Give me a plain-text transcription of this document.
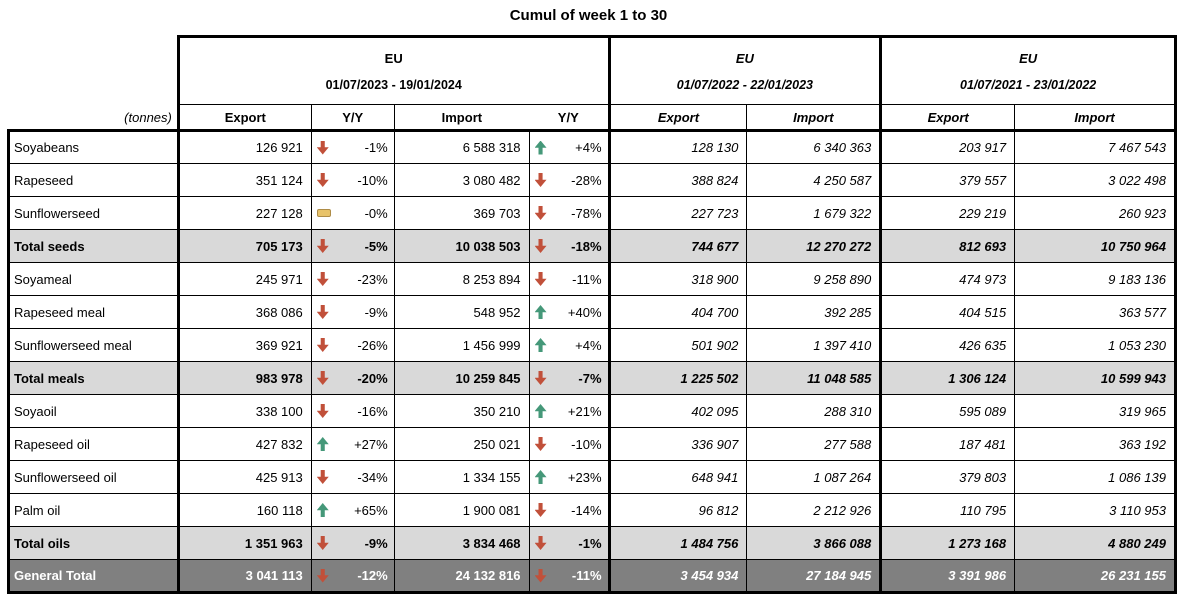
Cumul of week 1 to 30

EU
01/07/2023 - 19/01/2024

EU
01/07/2022 - 22/01/2023

EU
01/07/2021 - 23/01/2022

(tonnes)	Export	Y/Y	Import	Y/Y	Export	Import	Export	Import
Soyabeans	126 921	-1%	6 588 318	+4%	128 130	6 340 363	203 917	7 467 543
Rapeseed	351 124	-10%	3 080 482	-28%	388 824	4 250 587	379 557	3 022 498
Sunflowerseed	227 128	-0%	369 703	-78%	227 723	1 679 322	229 219	260 923
Total seeds	705 173	-5%	10 038 503	-18%	744 677	12 270 272	812 693	10 750 964
Soyameal	245 971	-23%	8 253 894	-11%	318 900	9 258 890	474 973	9 183 136
Rapeseed meal	368 086	-9%	548 952	+40%	404 700	392 285	404 515	363 577
Sunflowerseed meal	369 921	-26%	1 456 999	+4%	501 902	1 397 410	426 635	1 053 230
Total meals	983 978	-20%	10 259 845	-7%	1 225 502	11 048 585	1 306 124	10 599 943
Soyaoil	338 100	-16%	350 210	+21%	402 095	288 310	595 089	319 965
Rapeseed oil	427 832	+27%	250 021	-10%	336 907	277 588	187 481	363 192
Sunflowerseed oil	425 913	-34%	1 334 155	+23%	648 941	1 087 264	379 803	1 086 139
Palm oil	160 118	+65%	1 900 081	-14%	96 812	2 212 926	110 795	3 110 953
Total oils	1 351 963	-9%	3 834 468	-1%	1 484 756	3 866 088	1 273 168	4 880 249
General Total	3 041 113	-12%	24 132 816	-11%	3 454 934	27 184 945	3 391 986	26 231 155
